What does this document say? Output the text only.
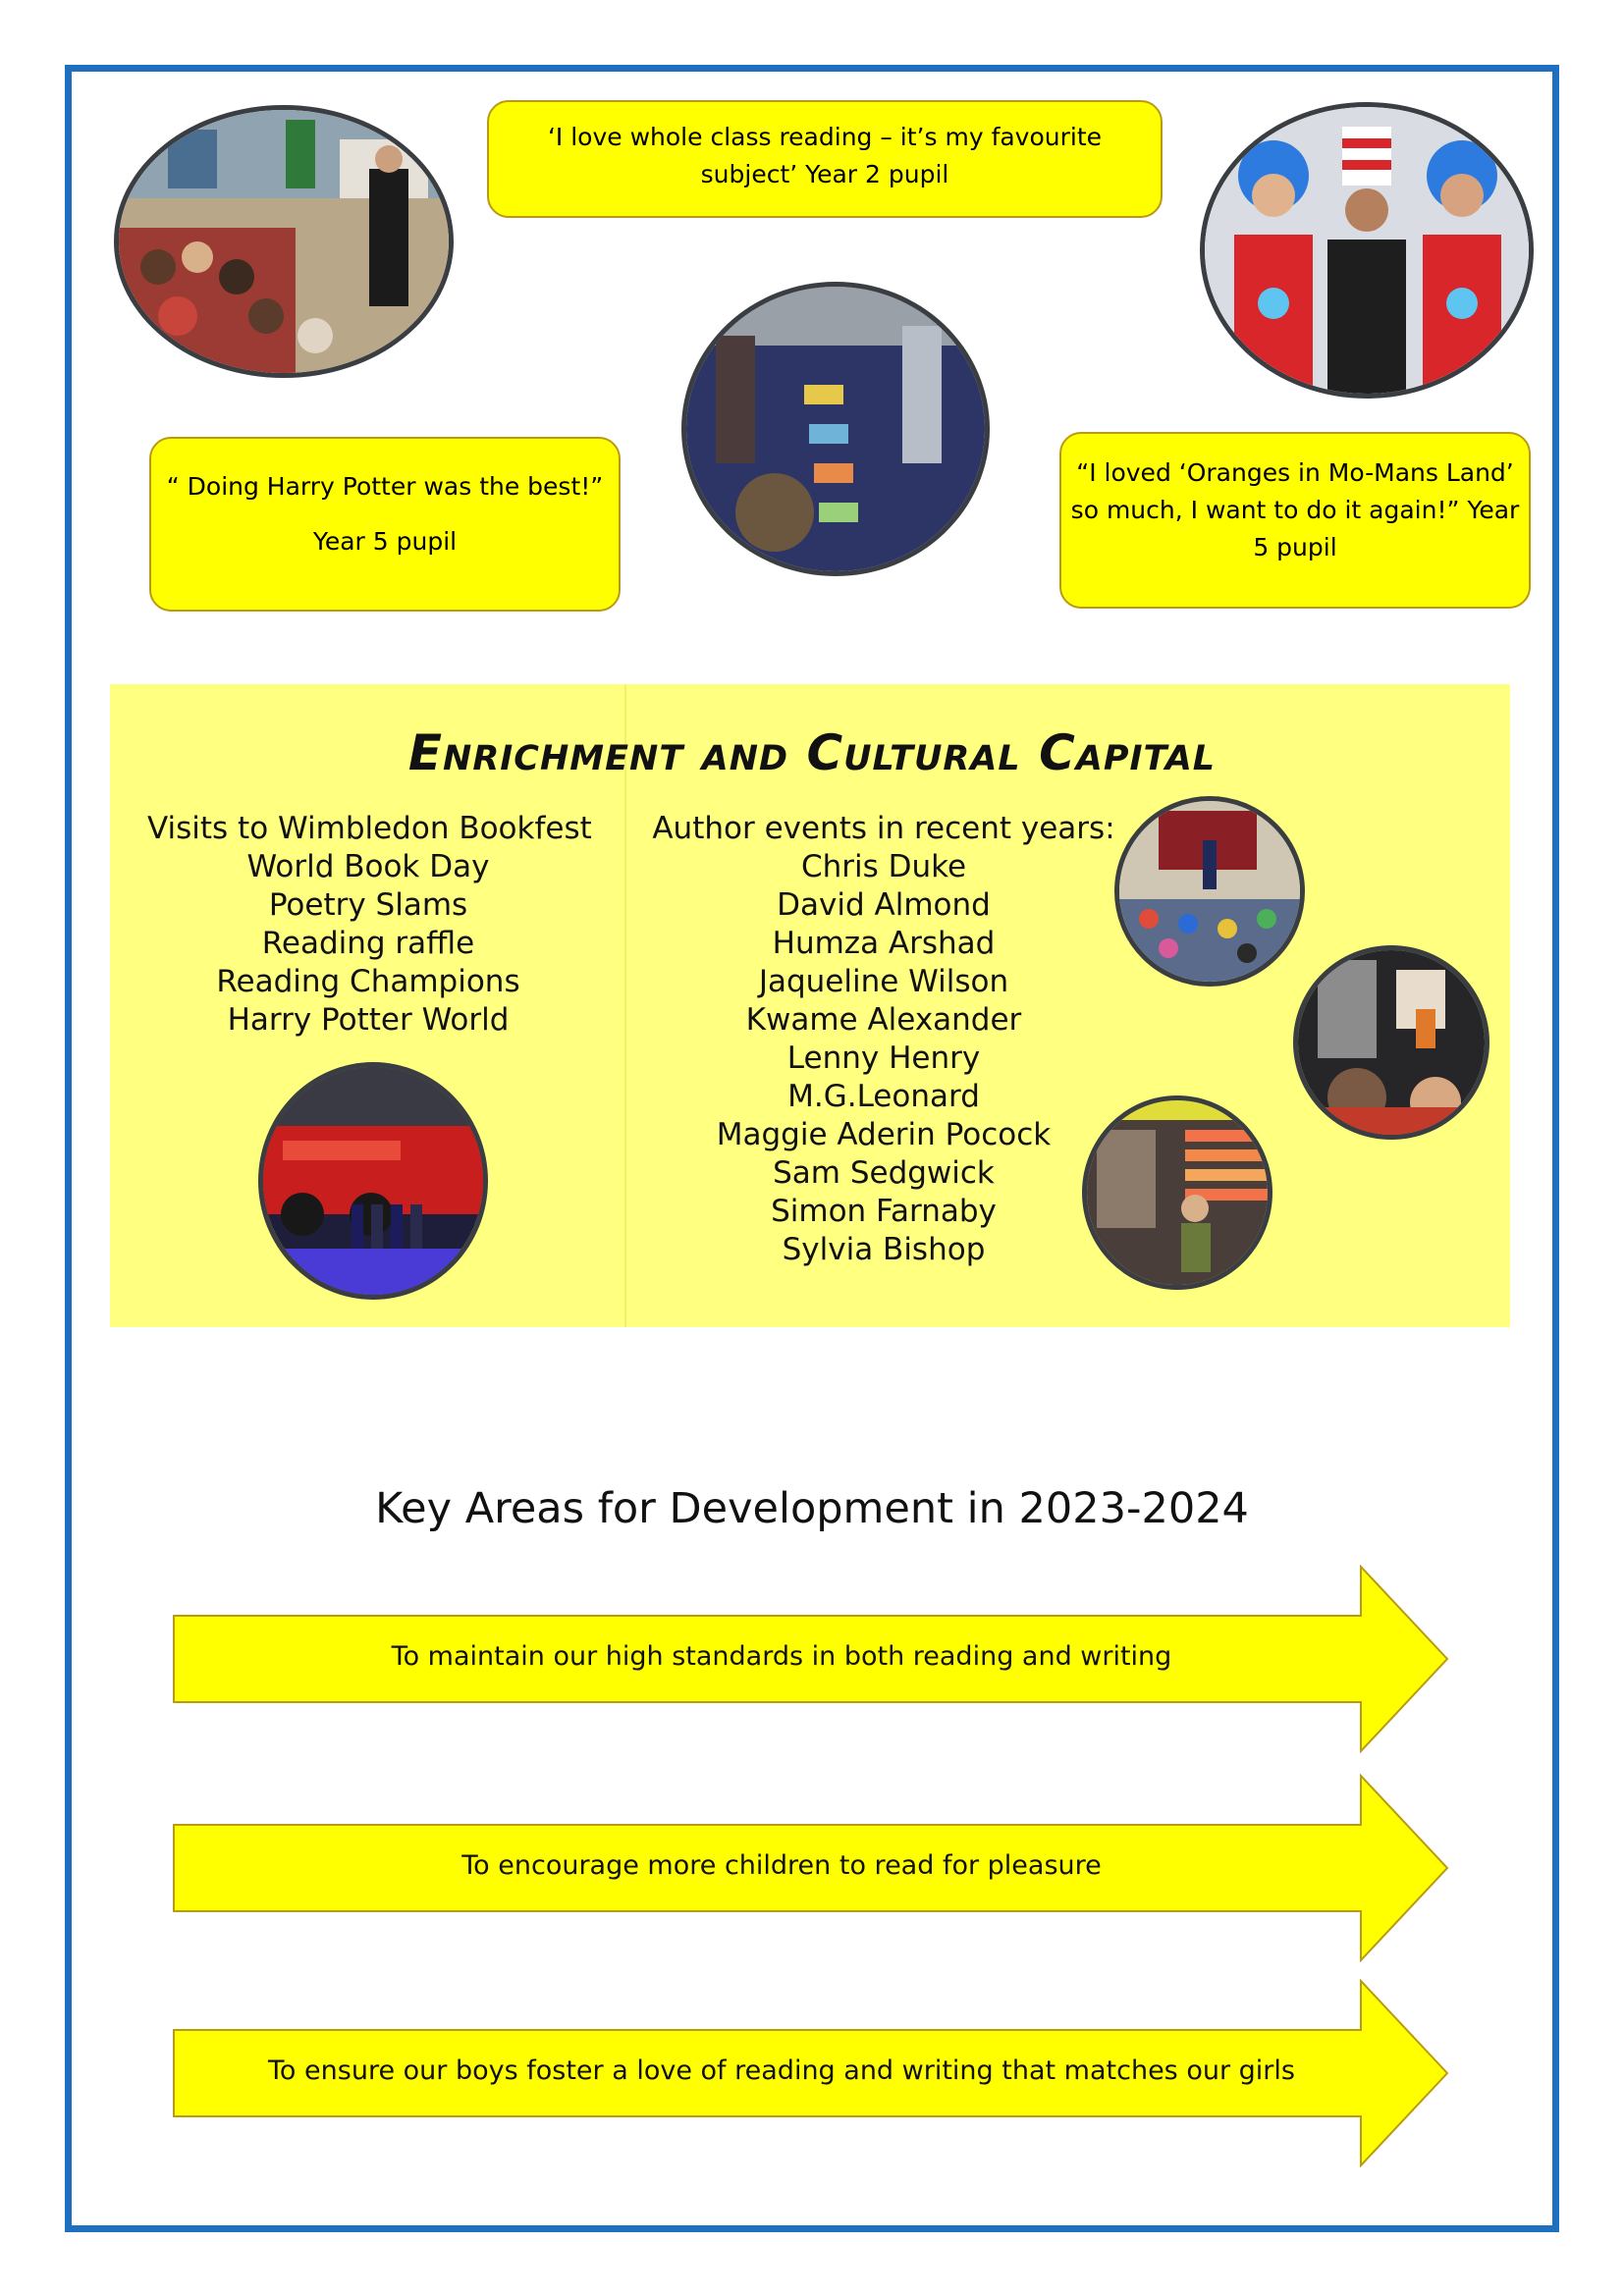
‘I love whole class reading – it’s my favourite
subject’ Year 2 pupil
“ Doing Harry Potter was the best!”
Year 5 pupil
“I loved ‘Oranges in Mo-Mans Land’
so much, I want to do it again!” Year
5 pupil
Enrichment and Cultural Capital
Visits to Wimbledon Bookfest
World Book Day
Poetry Slams
Reading raffle
Reading Champions
Harry Potter World
Author events in recent years:
Chris Duke
David Almond
Humza Arshad
Jaqueline Wilson
Kwame Alexander
Lenny Henry
M.G.Leonard
Maggie Aderin Pocock
Sam Sedgwick
Simon Farnaby
Sylvia Bishop
Key Areas for Development in 2023-2024
To maintain our high standards in both reading and writing
To encourage more children to read for pleasure
To ensure our boys foster a love of reading and writing that matches our girls
